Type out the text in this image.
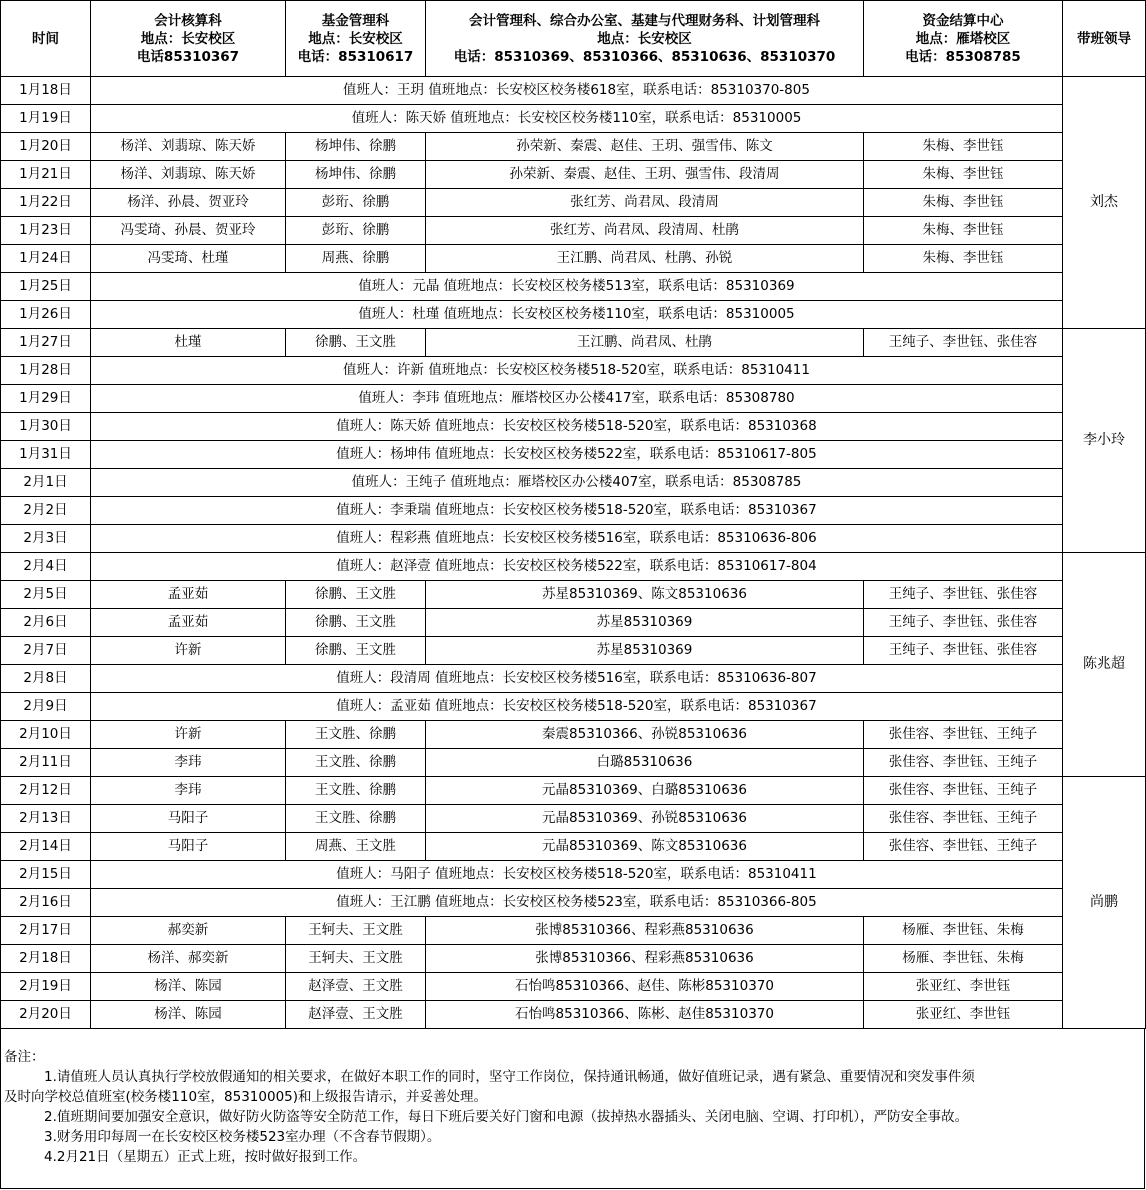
时间	会计核算科
地点：长安校区
电话85310367	基金管理科
地点：长安校区
电话：85310617	会计管理科、综合办公室、基建与代理财务科、计划管理科
地点：长安校区
电话：85310369、85310366、85310636、85310370	资金结算中心
地点：雁塔校区
电话：85308785	带班领导
1月18日	值班人：王玥 值班地点：长安校区校务楼618室，联系电话：85310370-805				刘杰
1月19日	值班人：陈天娇 值班地点：长安校区校务楼110室，联系电话：85310005				
1月20日	杨洋、刘翡琼、陈天娇	杨坤伟、徐鹏	孙荣新、秦震、赵佳、王玥、强雪伟、陈文	朱梅、李世钰	
1月21日	杨洋、刘翡琼、陈天娇	杨坤伟、徐鹏	孙荣新、秦震、赵佳、王玥、强雪伟、段清周	朱梅、李世钰	
1月22日	杨洋、孙晨、贺亚玲	彭珩、徐鹏	张红芳、尚君凤、段清周	朱梅、李世钰	
1月23日	冯雯琦、孙晨、贺亚玲	彭珩、徐鹏	张红芳、尚君凤、段清周、杜鹃	朱梅、李世钰	
1月24日	冯雯琦、杜瑾	周燕、徐鹏	王江鹏、尚君凤、杜鹃、孙锐	朱梅、李世钰	
1月25日	值班人：元晶 值班地点：长安校区校务楼513室，联系电话：85310369				
1月26日	值班人：杜瑾 值班地点：长安校区校务楼110室，联系电话：85310005				
1月27日	杜瑾	徐鹏、王文胜	王江鹏、尚君凤、杜鹃	王纯子、李世钰、张佳容	李小玲
1月28日	值班人：许新 值班地点：长安校区校务楼518-520室，联系电话：85310411				
1月29日	值班人：李玮 值班地点：雁塔校区办公楼417室，联系电话：85308780				
1月30日	值班人：陈天娇 值班地点：长安校区校务楼518-520室，联系电话：85310368				
1月31日	值班人：杨坤伟 值班地点：长安校区校务楼522室，联系电话：85310617-805				
2月1日	值班人：王纯子 值班地点：雁塔校区办公楼407室，联系电话：85308785				
2月2日	值班人：李秉瑞 值班地点：长安校区校务楼518-520室，联系电话：85310367				
2月3日	值班人：程彩燕 值班地点：长安校区校务楼516室，联系电话：85310636-806				
2月4日	值班人：赵泽壹 值班地点：长安校区校务楼522室，联系电话：85310617-804				陈兆超
2月5日	孟亚茹	徐鹏、王文胜	苏星85310369、陈文85310636	王纯子、李世钰、张佳容	
2月6日	孟亚茹	徐鹏、王文胜	苏星85310369	王纯子、李世钰、张佳容	
2月7日	许新	徐鹏、王文胜	苏星85310369	王纯子、李世钰、张佳容	
2月8日	值班人：段清周 值班地点：长安校区校务楼516室，联系电话：85310636-807				
2月9日	值班人：孟亚茹 值班地点：长安校区校务楼518-520室，联系电话：85310367				
2月10日	许新	王文胜、徐鹏	秦震85310366、孙锐85310636	张佳容、李世钰、王纯子	
2月11日	李玮	王文胜、徐鹏	白璐85310636	张佳容、李世钰、王纯子	
2月12日	李玮	王文胜、徐鹏	元晶85310369、白璐85310636	张佳容、李世钰、王纯子	尚鹏
2月13日	马阳子	王文胜、徐鹏	元晶85310369、孙锐85310636	张佳容、李世钰、王纯子	
2月14日	马阳子	周燕、王文胜	元晶85310369、陈文85310636	张佳容、李世钰、王纯子	
2月15日	值班人：马阳子 值班地点：长安校区校务楼518-520室，联系电话：85310411				
2月16日	值班人：王江鹏 值班地点：长安校区校务楼523室，联系电话：85310366-805				
2月17日	郝奕新	王轲夫、王文胜	张博85310366、程彩燕85310636	杨雁、李世钰、朱梅	
2月18日	杨洋、郝奕新	王轲夫、王文胜	张博85310366、程彩燕85310636	杨雁、李世钰、朱梅	
2月19日	杨洋、陈园	赵泽壹、王文胜	石怡鸣85310366、赵佳、陈彬85310370	张亚红、李世钰	
2月20日	杨洋、陈园	赵泽壹、王文胜	石怡鸣85310366、陈彬、赵佳85310370	张亚红、李世钰	

备注：

1.请值班人员认真执行学校放假通知的相关要求，在做好本职工作的同时，坚守工作岗位，保持通讯畅通，做好值班记录，遇有紧急、重要情况和突发事件须

及时向学校总值班室(校务楼110室，85310005)和上级报告请示，并妥善处理。

2.值班期间要加强安全意识，做好防火防盗等安全防范工作，每日下班后要关好门窗和电源（拔掉热水器插头、关闭电脑、空调、打印机），严防安全事故。

3.财务用印每周一在长安校区校务楼523室办理（不含春节假期）。

4.2月21日（星期五）正式上班，按时做好报到工作。
